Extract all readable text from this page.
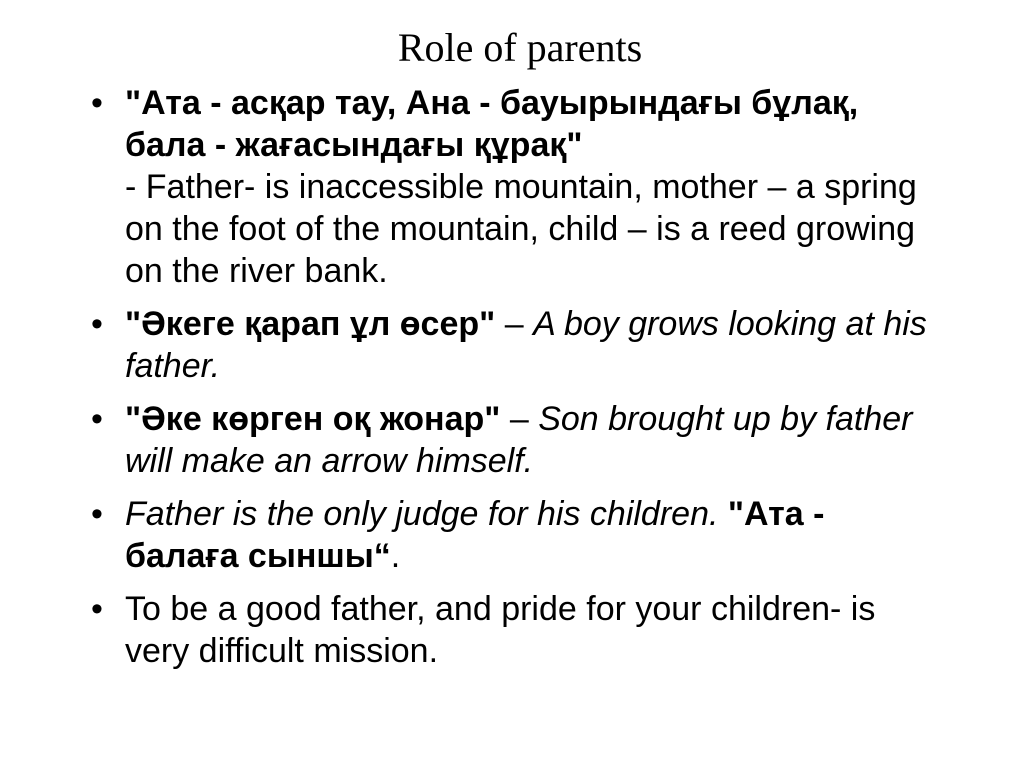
Role of parents
• "Ата - асқар тау, Ана - бауырындағы бұлақ, бала - жағасындағы құрақ"
- Father- is inaccessible mountain, mother – a spring on the foot of the mountain, child – is a reed growing on the river bank.
• "Әкеге қарап ұл өсер" – A boy grows looking at his father.
• "Әке көрген оқ жонар" – Son brought up by father will make an arrow himself.
• Father is the only judge for his children. "Ата - балаға сыншы“.
• To be a good father, and pride for your children- is very difficult mission.
